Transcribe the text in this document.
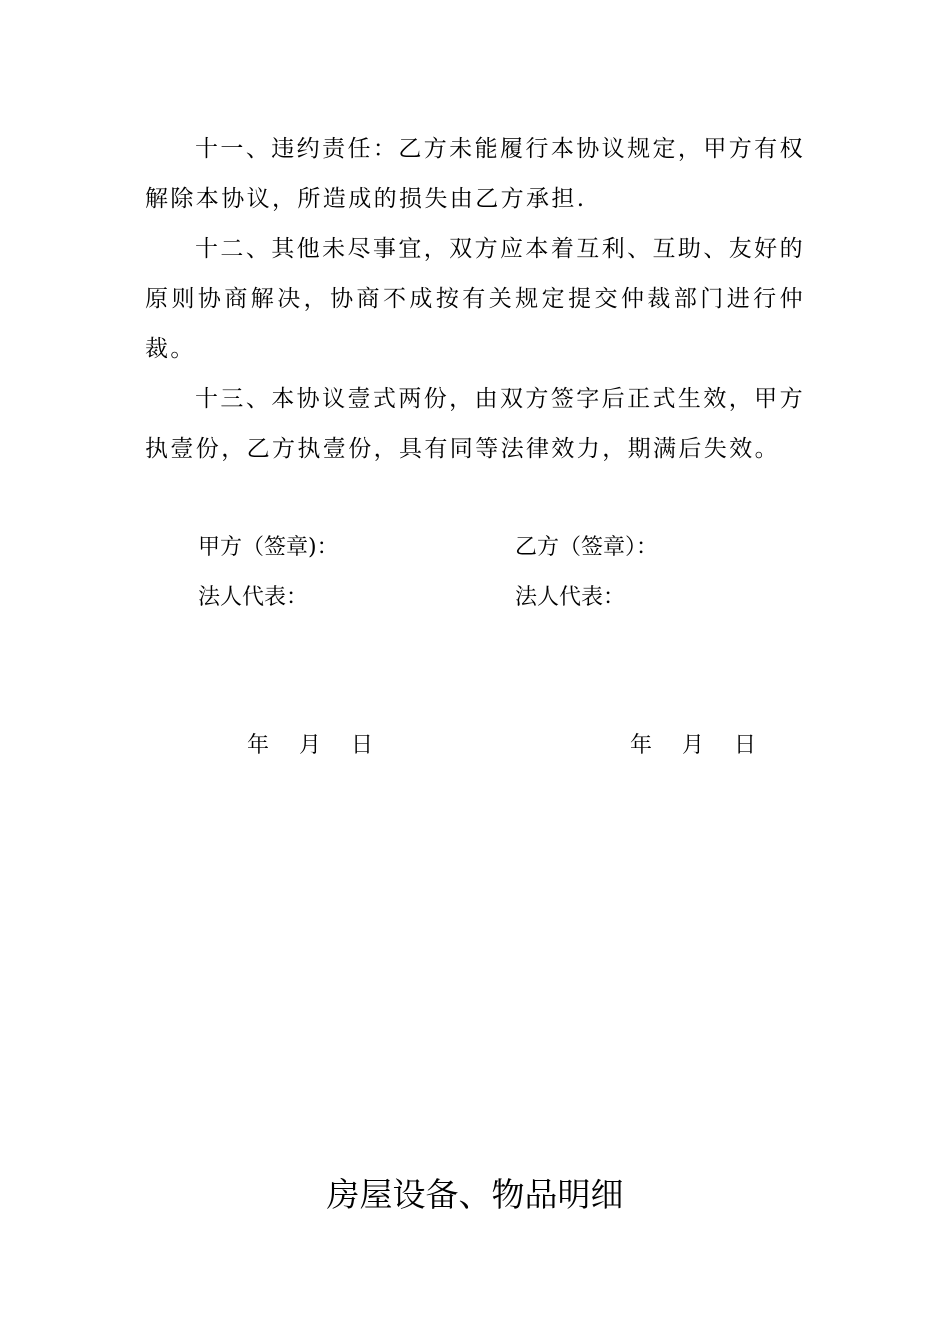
十一、违约责任：乙方未能履行本协议规定，甲方有权解除本协议，所造成的损失由乙方承担.

十二、其他未尽事宜，双方应本着互利、互助、友好的原则协商解决，协商不成按有关规定提交仲裁部门进行仲裁。

十三、本协议壹式两份，由双方签字后正式生效，甲方执壹份，乙方执壹份，具有同等法律效力，期满后失效。

甲方（签章)：	乙方（签章）：
法人代表：	法人代表：
年 月 日	年 月 日
房屋设备、物品明细
